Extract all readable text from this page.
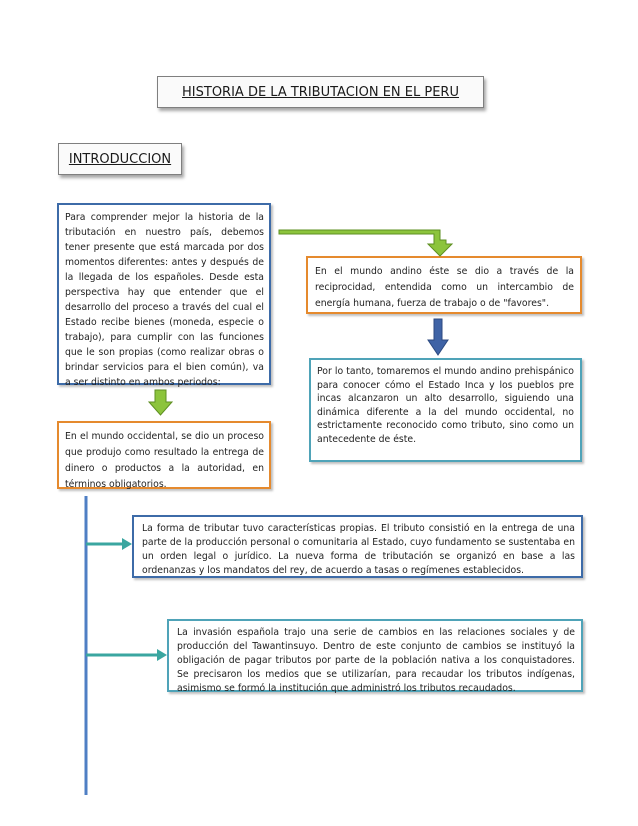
HISTORIA DE LA TRIBUTACION EN EL PERU
INTRODUCCION
Para comprender mejor la historia de la tributación en nuestro país, debemos tener presente que está marcada por dos momentos diferentes: antes y después de la llegada de los españoles. Desde esta perspectiva hay que entender que el desarrollo del proceso a través del cual el Estado recibe bienes (moneda, especie o trabajo), para cumplir con las funciones que le son propias (como realizar obras o brindar servicios para el bien común), va a ser distinto en ambos periodos:
En el mundo andino éste se dio a través de la reciprocidad, entendida como un intercambio de energía humana, fuerza de trabajo o de "favores".
Por lo tanto, tomaremos el mundo andino prehispánico para conocer cómo el Estado Inca y los pueblos pre incas alcanzaron un alto desarrollo, siguiendo una dinámica diferente a la del mundo occidental, no estrictamente reconocido como tributo, sino como un antecedente de éste.
En el mundo occidental, se dio un proceso que produjo como resultado la entrega de dinero o productos a la autoridad, en términos obligatorios.
La forma de tributar tuvo características propias. El tributo consistió en la entrega de una parte de la producción personal o comunitaria al Estado, cuyo fundamento se sustentaba en un orden legal o jurídico. La nueva forma de tributación se organizó en base a las ordenanzas y los mandatos del rey, de acuerdo a tasas o regímenes establecidos.
La invasión española trajo una serie de cambios en las relaciones sociales y de producción del Tawantinsuyo. Dentro de este conjunto de cambios se instituyó la obligación de pagar tributos por parte de la población nativa a los conquistadores. Se precisaron los medios que se utilizarían, para recaudar los tributos indígenas, asimismo se formó la institución que administró los tributos recaudados.
